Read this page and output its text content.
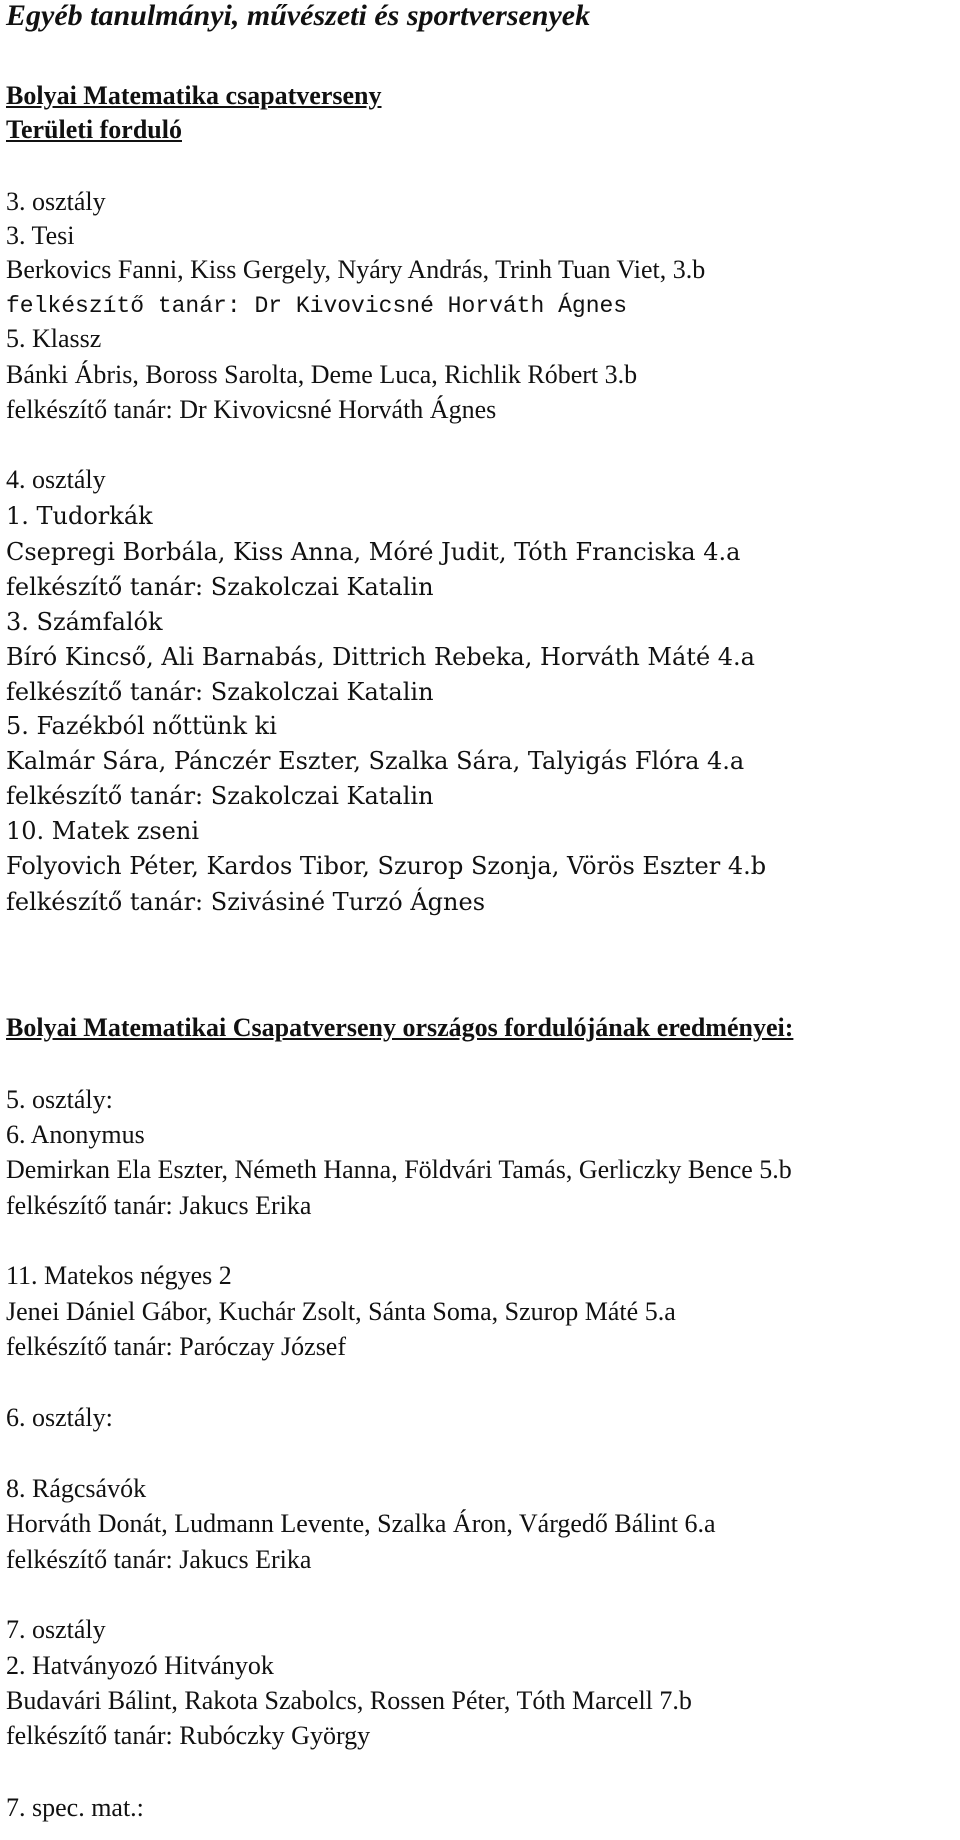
Egyéb tanulmányi, művészeti és sportversenyek
Bolyai Matematika csapatverseny
Területi forduló
3. osztály
3. Tesi
Berkovics Fanni, Kiss Gergely, Nyáry András, Trinh Tuan Viet, 3.b
felkészítő tanár: Dr Kivovicsné Horváth Ágnes
5. Klassz
Bánki Ábris, Boross Sarolta, Deme Luca, Richlik Róbert 3.b
felkészítő tanár: Dr Kivovicsné Horváth Ágnes
4. osztály
1. Tudorkák
Csepregi Borbála, Kiss Anna, Móré Judit, Tóth Franciska 4.a
felkészítő tanár: Szakolczai Katalin
3. Számfalók
Bíró Kincső, Ali Barnabás, Dittrich Rebeka, Horváth Máté 4.a
felkészítő tanár: Szakolczai Katalin
5. Fazékból nőttünk ki
Kalmár Sára, Pánczér Eszter, Szalka Sára, Talyigás Flóra 4.a
felkészítő tanár: Szakolczai Katalin
10. Matek zseni
Folyovich Péter, Kardos Tibor, Szurop Szonja, Vörös Eszter 4.b
felkészítő tanár: Szivásiné Turzó Ágnes
Bolyai Matematikai Csapatverseny országos fordulójának eredményei:
5. osztály:
6. Anonymus
Demirkan Ela Eszter, Németh Hanna, Földvári Tamás, Gerliczky Bence 5.b
felkészítő tanár: Jakucs Erika
11. Matekos négyes 2
Jenei Dániel Gábor, Kuchár Zsolt, Sánta Soma, Szurop Máté 5.a
felkészítő tanár: Paróczay József
6. osztály:
8. Rágcsávók
Horváth Donát, Ludmann Levente, Szalka Áron, Várgedő Bálint 6.a
felkészítő tanár: Jakucs Erika
7. osztály
2. Hatványozó Hitványok
Budavári Bálint, Rakota Szabolcs, Rossen Péter, Tóth Marcell 7.b
felkészítő tanár: Rubóczky György
7. spec. mat.:
